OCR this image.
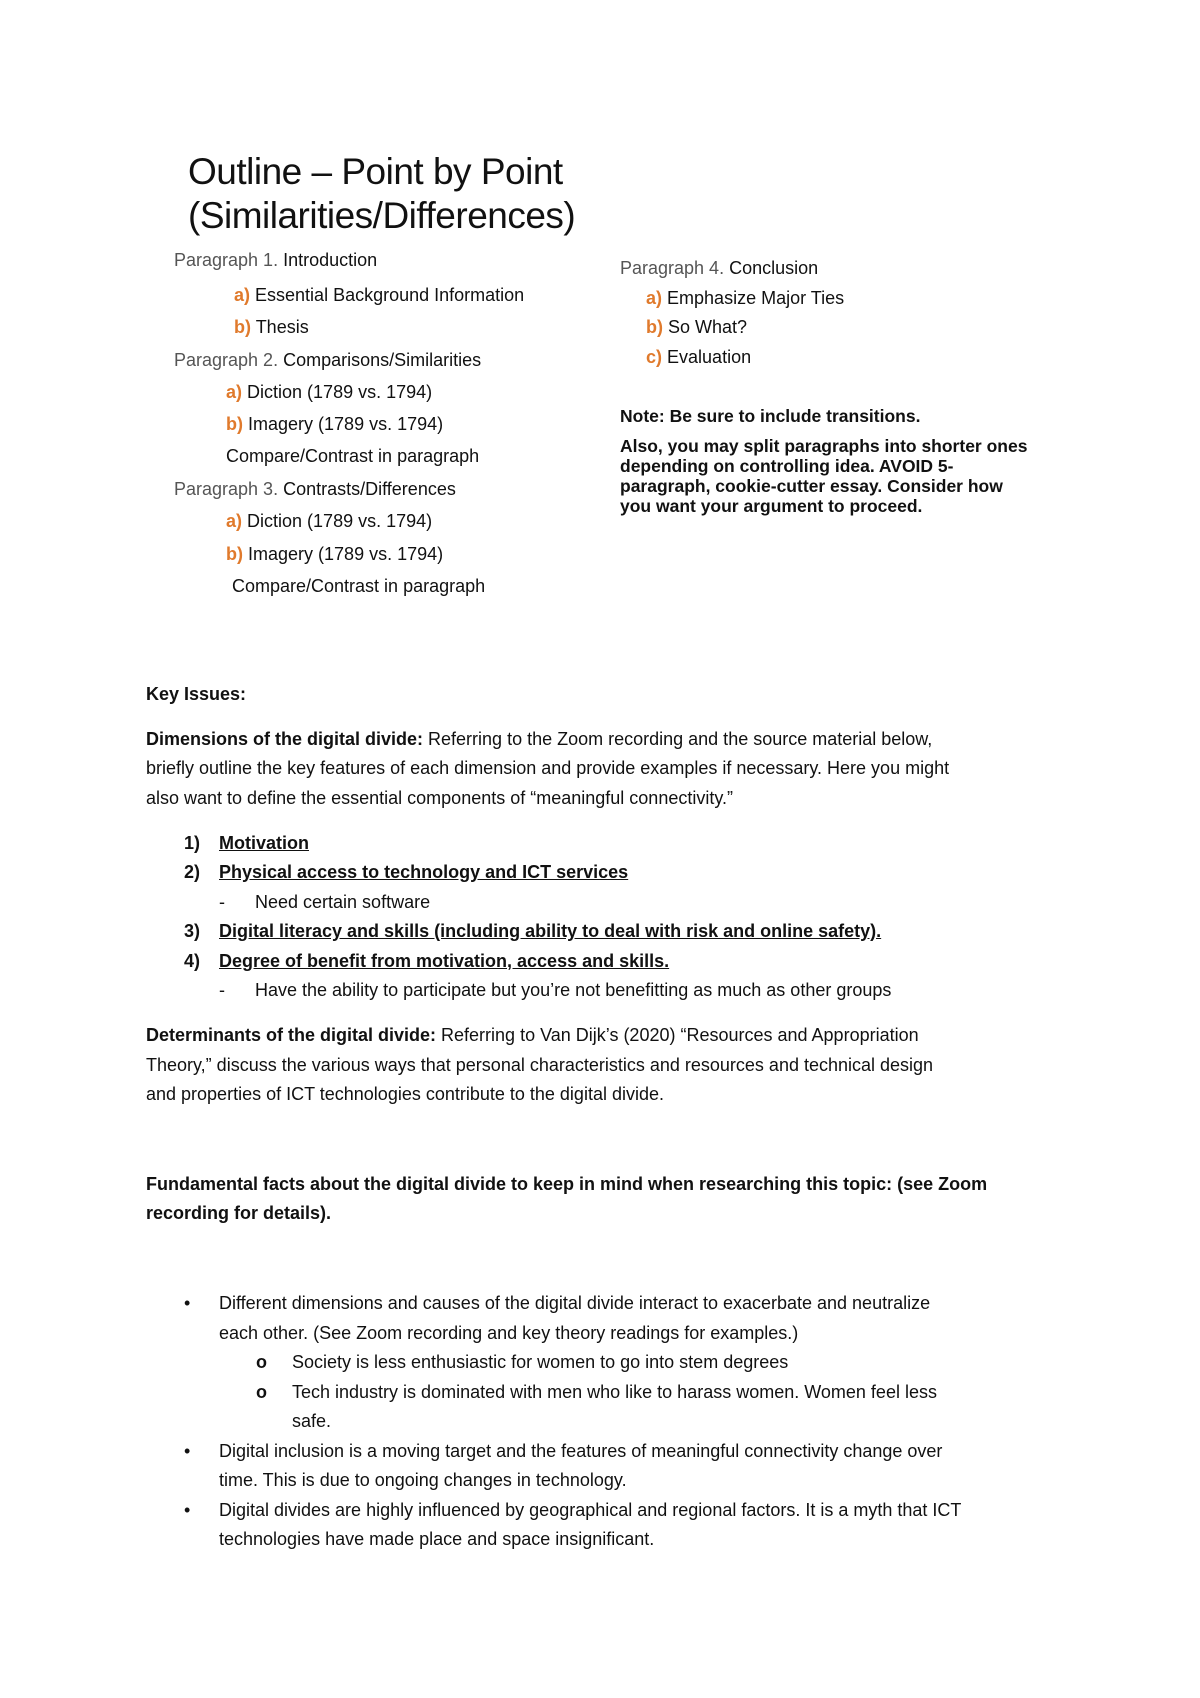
Outline – Point by Point
(Similarities/Differences)
Paragraph 1. Introduction
a) Essential Background Information
b) Thesis
Paragraph 2. Comparisons/Similarities
a) Diction (1789 vs. 1794)
b) Imagery (1789 vs. 1794)
Compare/Contrast in paragraph
Paragraph 3. Contrasts/Differences
a) Diction (1789 vs. 1794)
b) Imagery (1789 vs. 1794)
Compare/Contrast in paragraph
Paragraph 4. Conclusion
a) Emphasize Major Ties
b) So What?
c) Evaluation
Note: Be sure to include transitions.
Also, you may split paragraphs into shorter ones
depending on controlling idea. AVOID 5-
paragraph, cookie-cutter essay. Consider how
you want your argument to proceed.
Key Issues:
Dimensions of the digital divide: Referring to the Zoom recording and the source material below,
briefly outline the key features of each dimension and provide examples if necessary. Here you might
also want to define the essential components of “meaningful connectivity.”
1) Motivation
2) Physical access to technology and ICT services
- Need certain software
3) Digital literacy and skills (including ability to deal with risk and online safety).
4) Degree of benefit from motivation, access and skills.
- Have the ability to participate but you’re not benefitting as much as other groups
Determinants of the digital divide: Referring to Van Dijk’s (2020) “Resources and Appropriation
Theory,” discuss the various ways that personal characteristics and resources and technical design
and properties of ICT technologies contribute to the digital divide.
Fundamental facts about the digital divide to keep in mind when researching this topic: (see Zoom
recording for details).
• Different dimensions and causes of the digital divide interact to exacerbate and neutralize
each other. (See Zoom recording and key theory readings for examples.)
o Society is less enthusiastic for women to go into stem degrees
o Tech industry is dominated with men who like to harass women. Women feel less
safe.
• Digital inclusion is a moving target and the features of meaningful connectivity change over
time. This is due to ongoing changes in technology.
• Digital divides are highly influenced by geographical and regional factors. It is a myth that ICT
technologies have made place and space insignificant.
